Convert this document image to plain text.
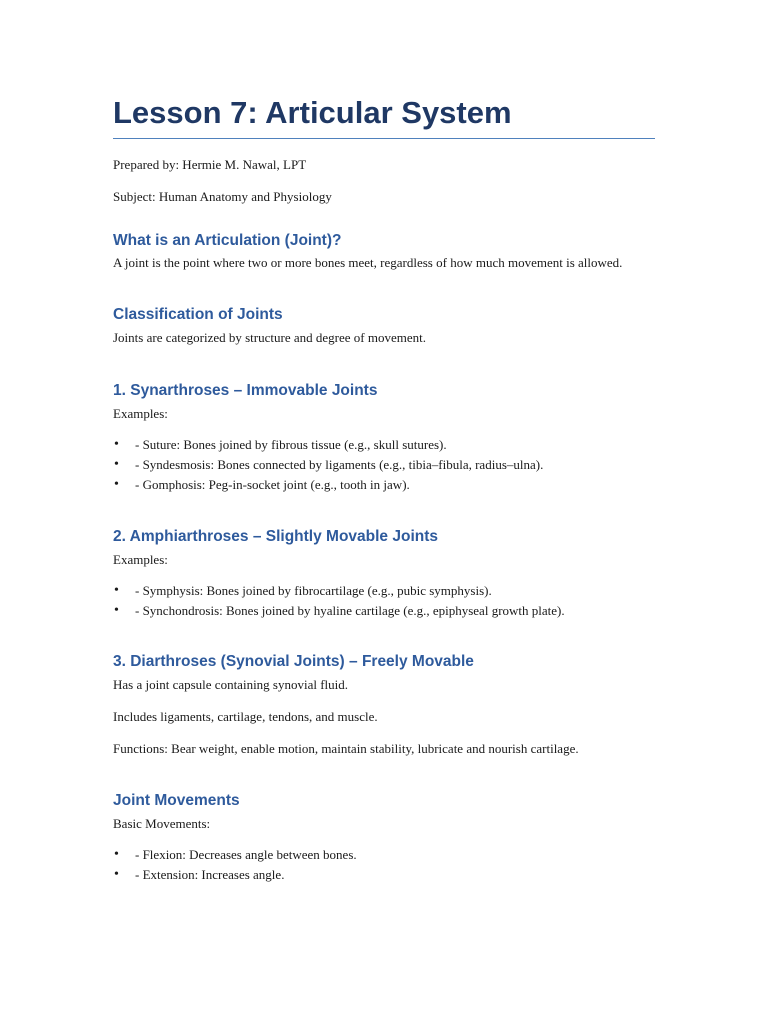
Lesson 7: Articular System

Prepared by: Hermie M. Nawal, LPT

Subject: Human Anatomy and Physiology

What is an Articulation (Joint)?

A joint is the point where two or more bones meet, regardless of how much movement is allowed.

Classification of Joints

Joints are categorized by structure and degree of movement.

1. Synarthroses – Immovable Joints

Examples:

• - Suture: Bones joined by fibrous tissue (e.g., skull sutures).
• - Syndesmosis: Bones connected by ligaments (e.g., tibia–fibula, radius–ulna).
• - Gomphosis: Peg-in-socket joint (e.g., tooth in jaw).
2. Amphiarthroses – Slightly Movable Joints

Examples:

• - Symphysis: Bones joined by fibrocartilage (e.g., pubic symphysis).
• - Synchondrosis: Bones joined by hyaline cartilage (e.g., epiphyseal growth plate).
3. Diarthroses (Synovial Joints) – Freely Movable

Has a joint capsule containing synovial fluid.

Includes ligaments, cartilage, tendons, and muscle.

Functions: Bear weight, enable motion, maintain stability, lubricate and nourish cartilage.

Joint Movements

Basic Movements:

• - Flexion: Decreases angle between bones.
• - Extension: Increases angle.
